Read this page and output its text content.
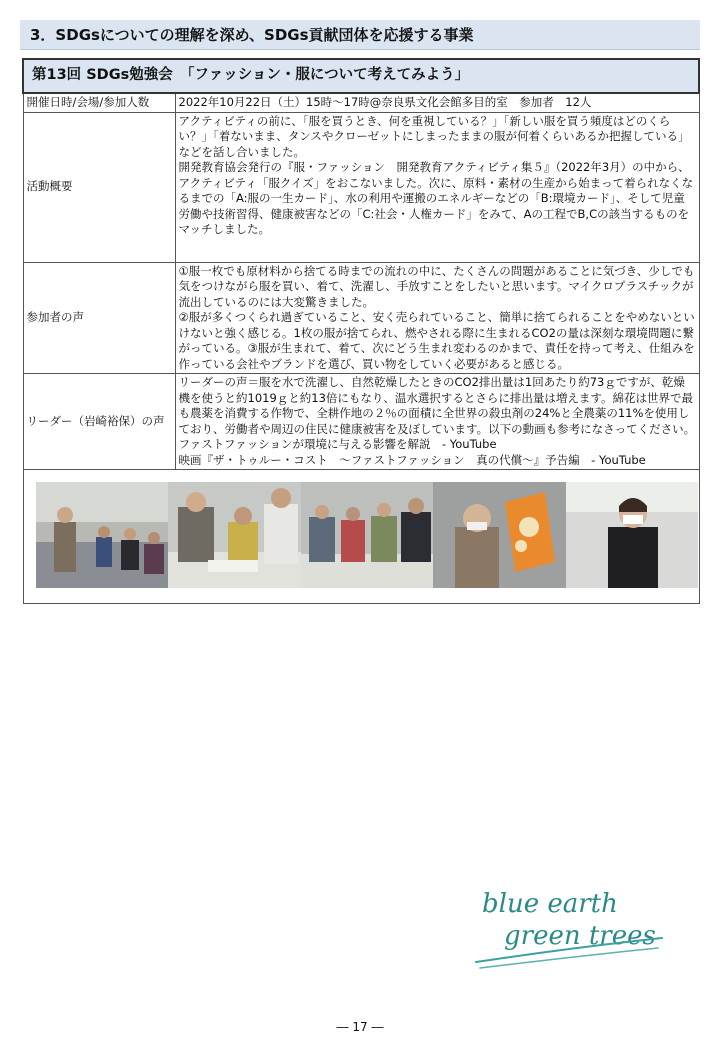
3．SDGsについての理解を深め、SDGs貢献団体を応援する事業
第13回 SDGs勉強会　「ファッション・服について考えてみよう」	
開催日時/会場/参加人数	2022年10月22日（土）15時～17時@奈良県文化会館多目的室　参加者　12人
活動概要	アクティビティの前に、「服を買うとき、何を重視している？」「新しい服を買う頻度はどのくらい？」「着ないまま、タンスやクローゼットにしまったままの服が何着くらいあるか把握している」などを話し合いました。

開発教育協会発行の『服・ファッション　開発教育アクティビティ集５』（2022年3月）の中から、アクティビティ「服クイズ」をおこないました。次に、原料・素材の生産から始まって着られなくなるまでの「A:服の一生カード」、水の利用や運搬のエネルギーなどの「B:環境カード」、そして児童労働や技術習得、健康被害などの「C:社会・人権カード」をみて、Aの工程でB,Cの該当するものをマッチしました。

参加者の声	①服一枚でも原材料から捨てる時までの流れの中に、たくさんの問題があることに気づき、少しでも気をつけながら服を買い、着て、洗濯し、手放すことをしたいと思います。マイクロプラスチックが流出しているのには大変驚きました。

②服が多くつくられ過ぎていること、安く売られていること、簡単に捨てられることをやめないといけないと強く感じる。1枚の服が捨てられ、燃やされる際に生まれるCO2の量は深刻な環境問題に繋がっている。③服が生まれて、着て、次にどう生まれ変わるのかまで、責任を持って考え、仕組みを作っている会社やブランドを選び、買い物をしていく必要があると感じる。

リーダー（岩崎裕保）の声	リーダーの声＝服を水で洗濯し、自然乾燥したときのCO2排出量は1回あたり約73ｇですが、乾燥機を使うと約1019ｇと約13倍にもなり、温水選択するとさらに排出量は増えます。綿花は世界で最も農薬を消費する作物で、全耕作地の２％の面積に全世界の殺虫剤の24%と全農薬の11%を使用しており、労働者や周辺の住民に健康被害を及ぼしています。以下の動画も参考になさってください。

ファストファッションが環境に与える影響を解説　- YouTube

映画『ザ・トゥルー・コスト　～ファストファッション　真の代償～』予告編　- YouTube

blue earth
green trees
― 17 ―
